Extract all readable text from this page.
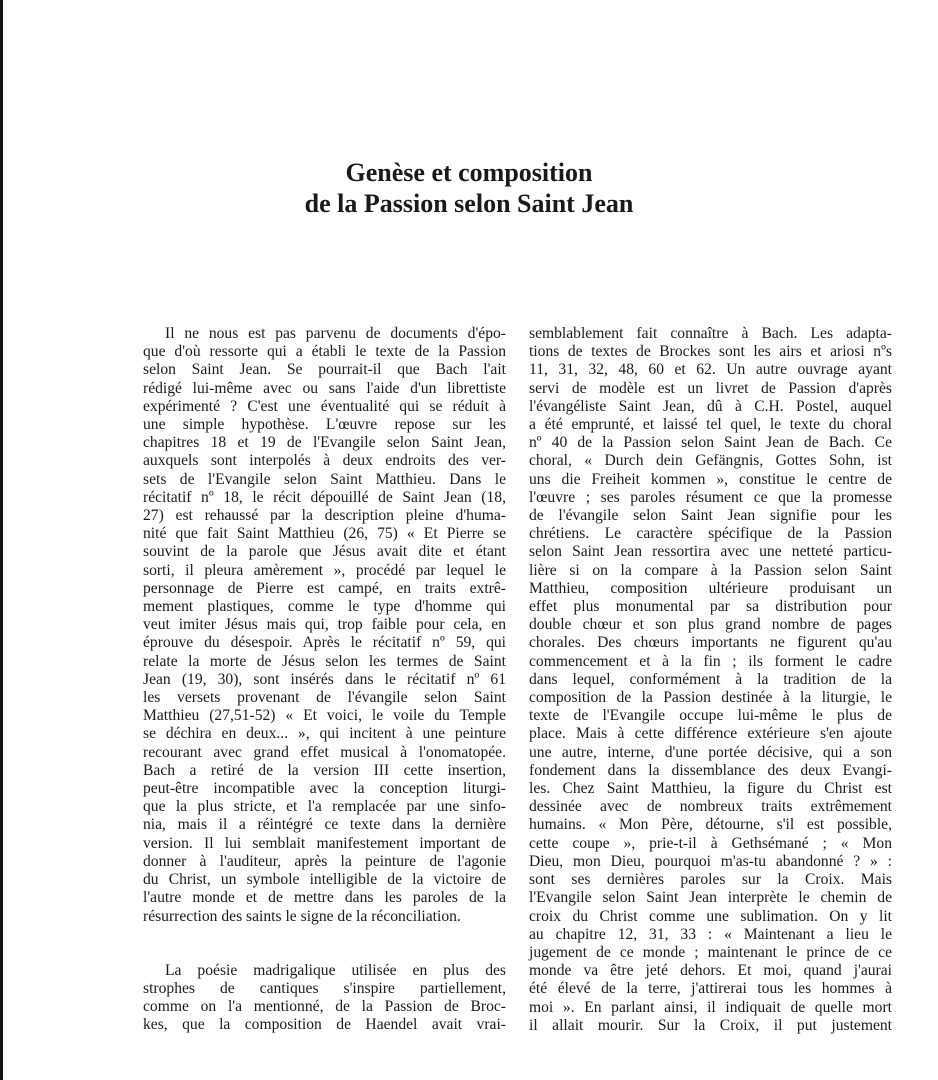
Genèse et composition
de la Passion selon Saint Jean

Il ne nous est pas parvenu de documents d'épo-
que d'où ressorte qui a établi le texte de la Passion
selon Saint Jean. Se pourrait-il que Bach l'ait
rédigé lui-même avec ou sans l'aide d'un librettiste
expérimenté ? C'est une éventualité qui se réduit à
une simple hypothèse. L'œuvre repose sur les
chapitres 18 et 19 de l'Evangile selon Saint Jean,
auxquels sont interpolés à deux endroits des ver-
sets de l'Evangile selon Saint Matthieu. Dans le
récitatif nº 18, le récit dépouillé de Saint Jean (18,
27) est rehaussé par la description pleine d'huma-
nité que fait Saint Matthieu (26, 75) « Et Pierre se
souvint de la parole que Jésus avait dite et étant
sorti, il pleura amèrement », procédé par lequel le
personnage de Pierre est campé, en traits extrê-
mement plastiques, comme le type d'homme qui
veut imiter Jésus mais qui, trop faible pour cela, en
éprouve du désespoir. Après le récitatif nº 59, qui
relate la morte de Jésus selon les termes de Saint
Jean (19, 30), sont insérés dans le récitatif nº 61
les versets provenant de l'évangile selon Saint
Matthieu (27,51-52) « Et voici, le voile du Temple
se déchira en deux... », qui incitent à une peinture
recourant avec grand effet musical à l'onomatopée.
Bach a retiré de la version III cette insertion,
peut-être incompatible avec la conception liturgi-
que la plus stricte, et l'a remplacée par une sinfo-
nia, mais il a réintégré ce texte dans la dernière
version. Il lui semblait manifestement important de
donner à l'auditeur, après la peinture de l'agonie
du Christ, un symbole intelligible de la victoire de
l'autre monde et de mettre dans les paroles de la
résurrection des saints le signe de la réconciliation.

La poésie madrigalique utilisée en plus des
strophes de cantiques s'inspire partiellement,
comme on l'a mentionné, de la Passion de Broc-
kes, que la composition de Haendel avait vrai-

semblablement fait connaître à Bach. Les adapta-
tions de textes de Brockes sont les airs et ariosi nºs
11, 31, 32, 48, 60 et 62. Un autre ouvrage ayant
servi de modèle est un livret de Passion d'après
l'évangéliste Saint Jean, dû à C.H. Postel, auquel
a été emprunté, et laissé tel quel, le texte du choral
nº 40 de la Passion selon Saint Jean de Bach. Ce
choral, « Durch dein Gefängnis, Gottes Sohn, ist
uns die Freiheit kommen », constitue le centre de
l'œuvre ; ses paroles résument ce que la promesse
de l'évangile selon Saint Jean signifie pour les
chrétiens. Le caractère spécifique de la Passion
selon Saint Jean ressortira avec une netteté particu-
lière si on la compare à la Passion selon Saint
Matthieu, composition ultérieure produisant un
effet plus monumental par sa distribution pour
double chœur et son plus grand nombre de pages
chorales. Des chœurs importants ne figurent qu'au
commencement et à la fin ; ils forment le cadre
dans lequel, conformément à la tradition de la
composition de la Passion destinée à la liturgie, le
texte de l'Evangile occupe lui-même le plus de
place. Mais à cette différence extérieure s'en ajoute
une autre, interne, d'une portée décisive, qui a son
fondement dans la dissemblance des deux Evangi-
les. Chez Saint Matthieu, la figure du Christ est
dessinée avec de nombreux traits extrêmement
humains. « Mon Père, détourne, s'il est possible,
cette coupe », prie-t-il à Gethsémané ; « Mon
Dieu, mon Dieu, pourquoi m'as-tu abandonné ? » :
sont ses dernières paroles sur la Croix. Mais
l'Evangile selon Saint Jean interprète le chemin de
croix du Christ comme une sublimation. On y lit
au chapitre 12, 31, 33 : « Maintenant a lieu le
jugement de ce monde ; maintenant le prince de ce
monde va être jeté dehors. Et moi, quand j'aurai
été élevé de la terre, j'attirerai tous les hommes à
moi ». En parlant ainsi, il indiquait de quelle mort
il allait mourir. Sur la Croix, il put justement
